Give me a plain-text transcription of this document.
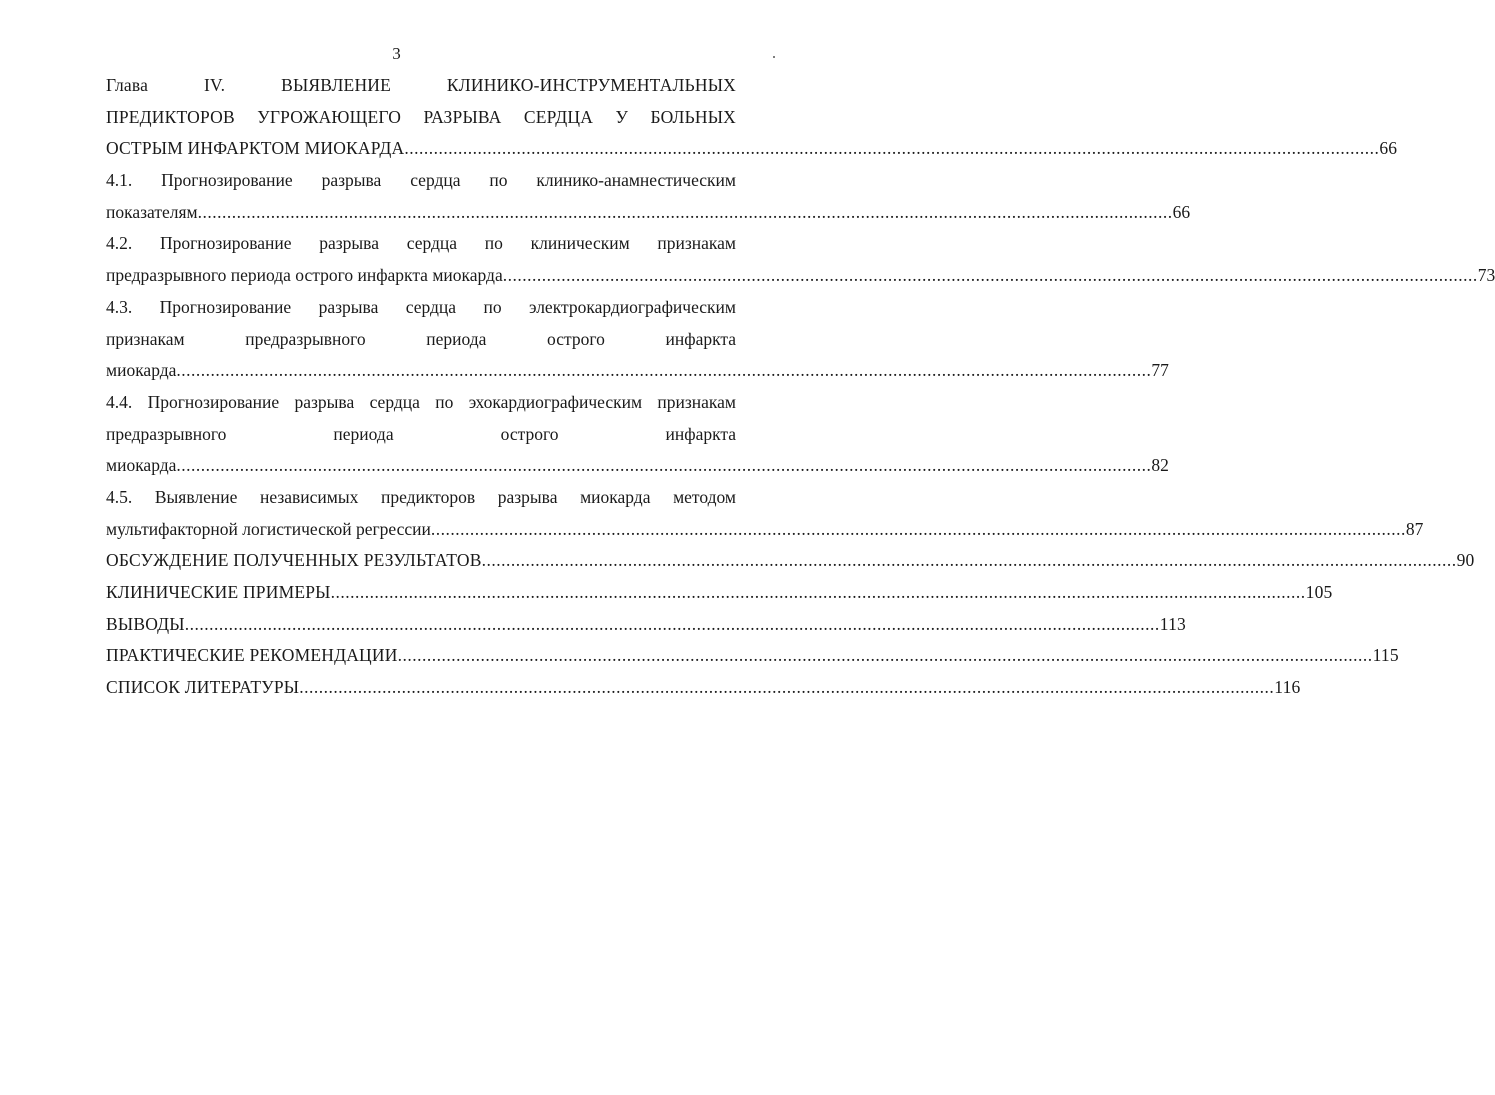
3
Глава IV. ВЫЯВЛЕНИЕ КЛИНИКО-ИНСТРУМЕНТАЛЬНЫХ
ПРЕДИКТОРОВ УГРОЖАЮЩЕГО РАЗРЫВА СЕРДЦА У БОЛЬНЫХ
ОСТРЫМ ИНФАРКТОМ МИОКАРДА ........................................................................................................................................................................................................ 66
4.1. Прогнозирование разрыва сердца по клинико-анамнестическим
показателям ........................................................................................................................................................................................................ 66
4.2. Прогнозирование разрыва сердца по клиническим признакам
предразрывного периода острого инфаркта миокарда ........................................................................................................................................................................................................ 73
4.3. Прогнозирование разрыва сердца по электрокардиографическим
признакам предразрывного периода острого инфаркта
миокарда ........................................................................................................................................................................................................ 77
4.4. Прогнозирование разрыва сердца по эхокардиографическим признакам
предразрывного периода острого инфаркта
миокарда ........................................................................................................................................................................................................ 82
4.5. Выявление независимых предикторов разрыва миокарда методом
мультифакторной логистической регрессии ........................................................................................................................................................................................................ 87
ОБСУЖДЕНИЕ ПОЛУЧЕННЫХ РЕЗУЛЬТАТОВ ........................................................................................................................................................................................................ 90
КЛИНИЧЕСКИЕ ПРИМЕРЫ ........................................................................................................................................................................................................ 105
ВЫВОДЫ ........................................................................................................................................................................................................ 113
ПРАКТИЧЕСКИЕ РЕКОМЕНДАЦИИ ........................................................................................................................................................................................................ 115
СПИСОК ЛИТЕРАТУРЫ ........................................................................................................................................................................................................ 116
